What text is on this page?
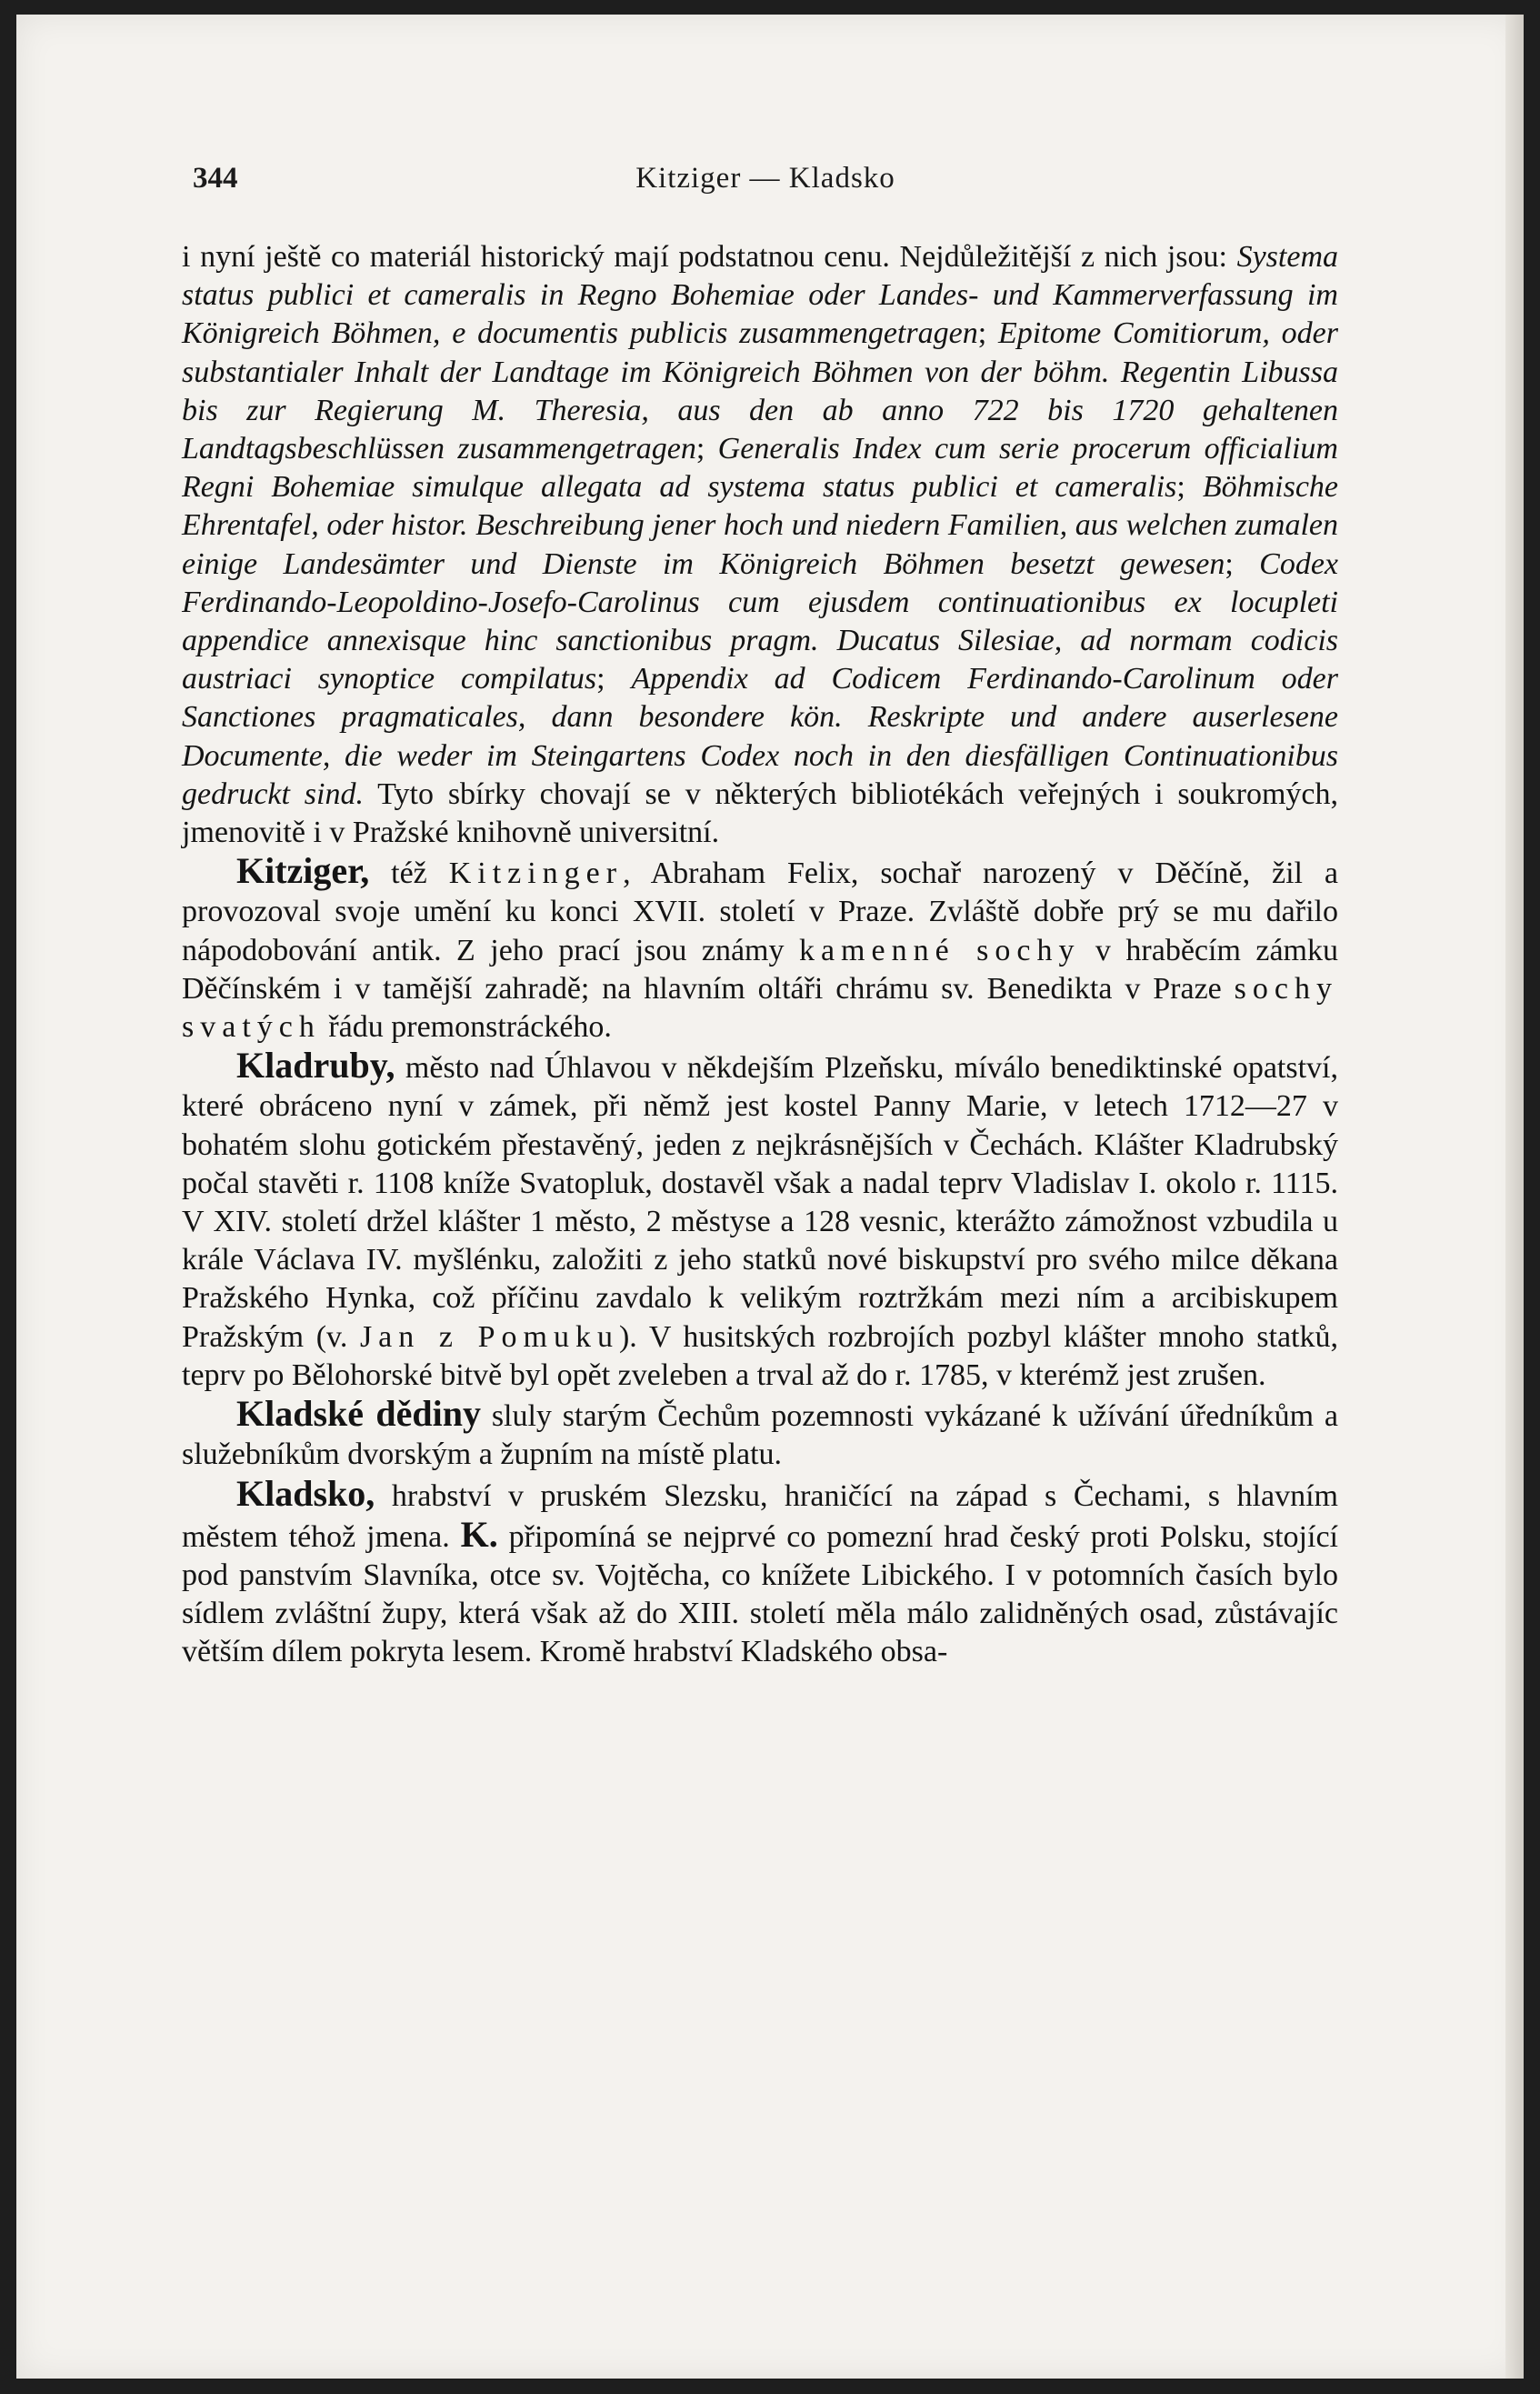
344	Kitziger — Kladsko

i nyní ještě co materiál historický mají podstatnou cenu. Nejdůležitější z nich jsou: Systema status publici et cameralis in Regno Bohemiae oder Landes- und Kammerverfassung im Königreich Böhmen, e documentis publicis zusammengetragen; Epitome Comitiorum, oder substantialer Inhalt der Landtage im Königreich Böhmen von der böhm. Regentin Libussa bis zur Regierung M. Theresia, aus den ab anno 722 bis 1720 gehaltenen Landtagsbeschlüssen zusammengetragen; Generalis Index cum serie procerum officialium Regni Bohemiae simulque allegata ad systema status publici et cameralis; Böhmische Ehrentafel, oder histor. Beschreibung jener hoch und niedern Familien, aus welchen zumalen einige Landesämter und Dienste im Königreich Böhmen besetzt gewesen; Codex Ferdinando-Leopoldino-Josefo-Carolinus cum ejusdem continuationibus ex locupleti appendice annexisque hinc sanctionibus pragm. Ducatus Silesiae, ad normam codicis austriaci synoptice compilatus; Appendix ad Codicem Ferdinando-Carolinum oder Sanctiones pragmaticales, dann besondere kön. Reskripte und andere auserlesene Documente, die weder im Steingartens Codex noch in den diesfälligen Continuationibus gedruckt sind. Tyto sbírky chovají se v některých bibliotékách veřejných i soukromých, jmenovitě i v Pražské knihovně universitní.

Kitziger, též Kitzinger, Abraham Felix, sochař narozený v Děčíně, žil a provozoval svoje umění ku konci XVII. století v Praze. Zvláště dobře prý se mu dařilo nápodobování antik. Z jeho prací jsou známy kamenné sochy v hraběcím zámku Děčínském i v tamější zahradě; na hlavním oltáři chrámu sv. Benedikta v Praze sochy svatých řádu premonstráckého.

Kladruby, město nad Úhlavou v někdejším Plzeňsku, míválo benediktinské opatství, které obráceno nyní v zámek, při němž jest kostel Panny Marie, v letech 1712—27 v bohatém slohu gotickém přestavěný, jeden z nejkrásnějších v Čechách. Klášter Kladrubský počal stavěti r. 1108 kníže Svatopluk, dostavěl však a nadal teprv Vladislav I. okolo r. 1115. V XIV. století držel klášter 1 město, 2 městyse a 128 vesnic, kterážto zámožnost vzbudila u krále Václava IV. myšlénku, založiti z jeho statků nové biskupství pro svého milce děkana Pražského Hynka, což příčinu zavdalo k velikým roztržkám mezi ním a arcibiskupem Pražským (v. Jan z Pomuku). V husitských rozbrojích pozbyl klášter mnoho statků, teprv po Bělohorské bitvě byl opět zveleben a trval až do r. 1785, v kterémž jest zrušen.

Kladské dědiny sluly starým Čechům pozemnosti vykázané k užívání úředníkům a služebníkům dvorským a župním na místě platu.

Kladsko, hrabství v pruském Slezsku, hraničící na západ s Čechami, s hlavním městem téhož jmena. K. připomíná se nejprvé co pomezní hrad český proti Polsku, stojící pod panstvím Slavníka, otce sv. Vojtěcha, co knížete Libického. I v potomních časích bylo sídlem zvláštní župy, která však až do XIII. století měla málo zalidněných osad, zůstávajíc větším dílem pokryta lesem. Kromě hrabství Kladského obsa-
